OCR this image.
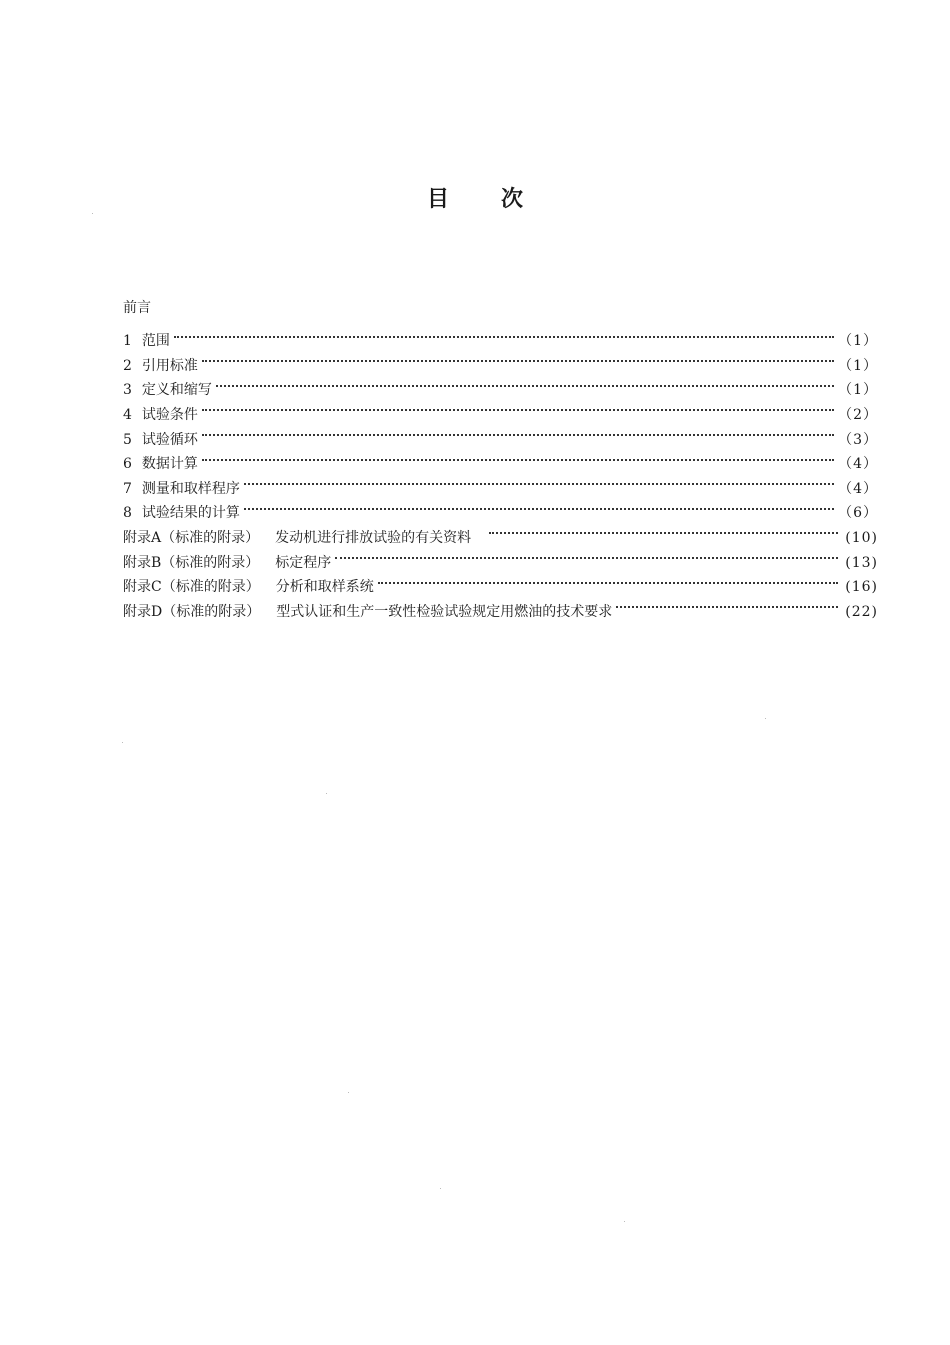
目 次
前言
1 范围	（1）
2 引用标准	（1）
3 定义和缩写	（1）
4 试验条件	（2）
5 试验循环	（3）
6 数据计算	（4）
7 测量和取样程序	（4）
8 试验结果的计算	（6）
附录A（标准的附录） 发动机进行排放试验的有关资料	(10)
附录B（标准的附录） 标定程序	(13)
附录C（标准的附录） 分析和取样系统	(16)
附录D（标准的附录） 型式认证和生产一致性检验试验规定用燃油的技术要求	(22)
